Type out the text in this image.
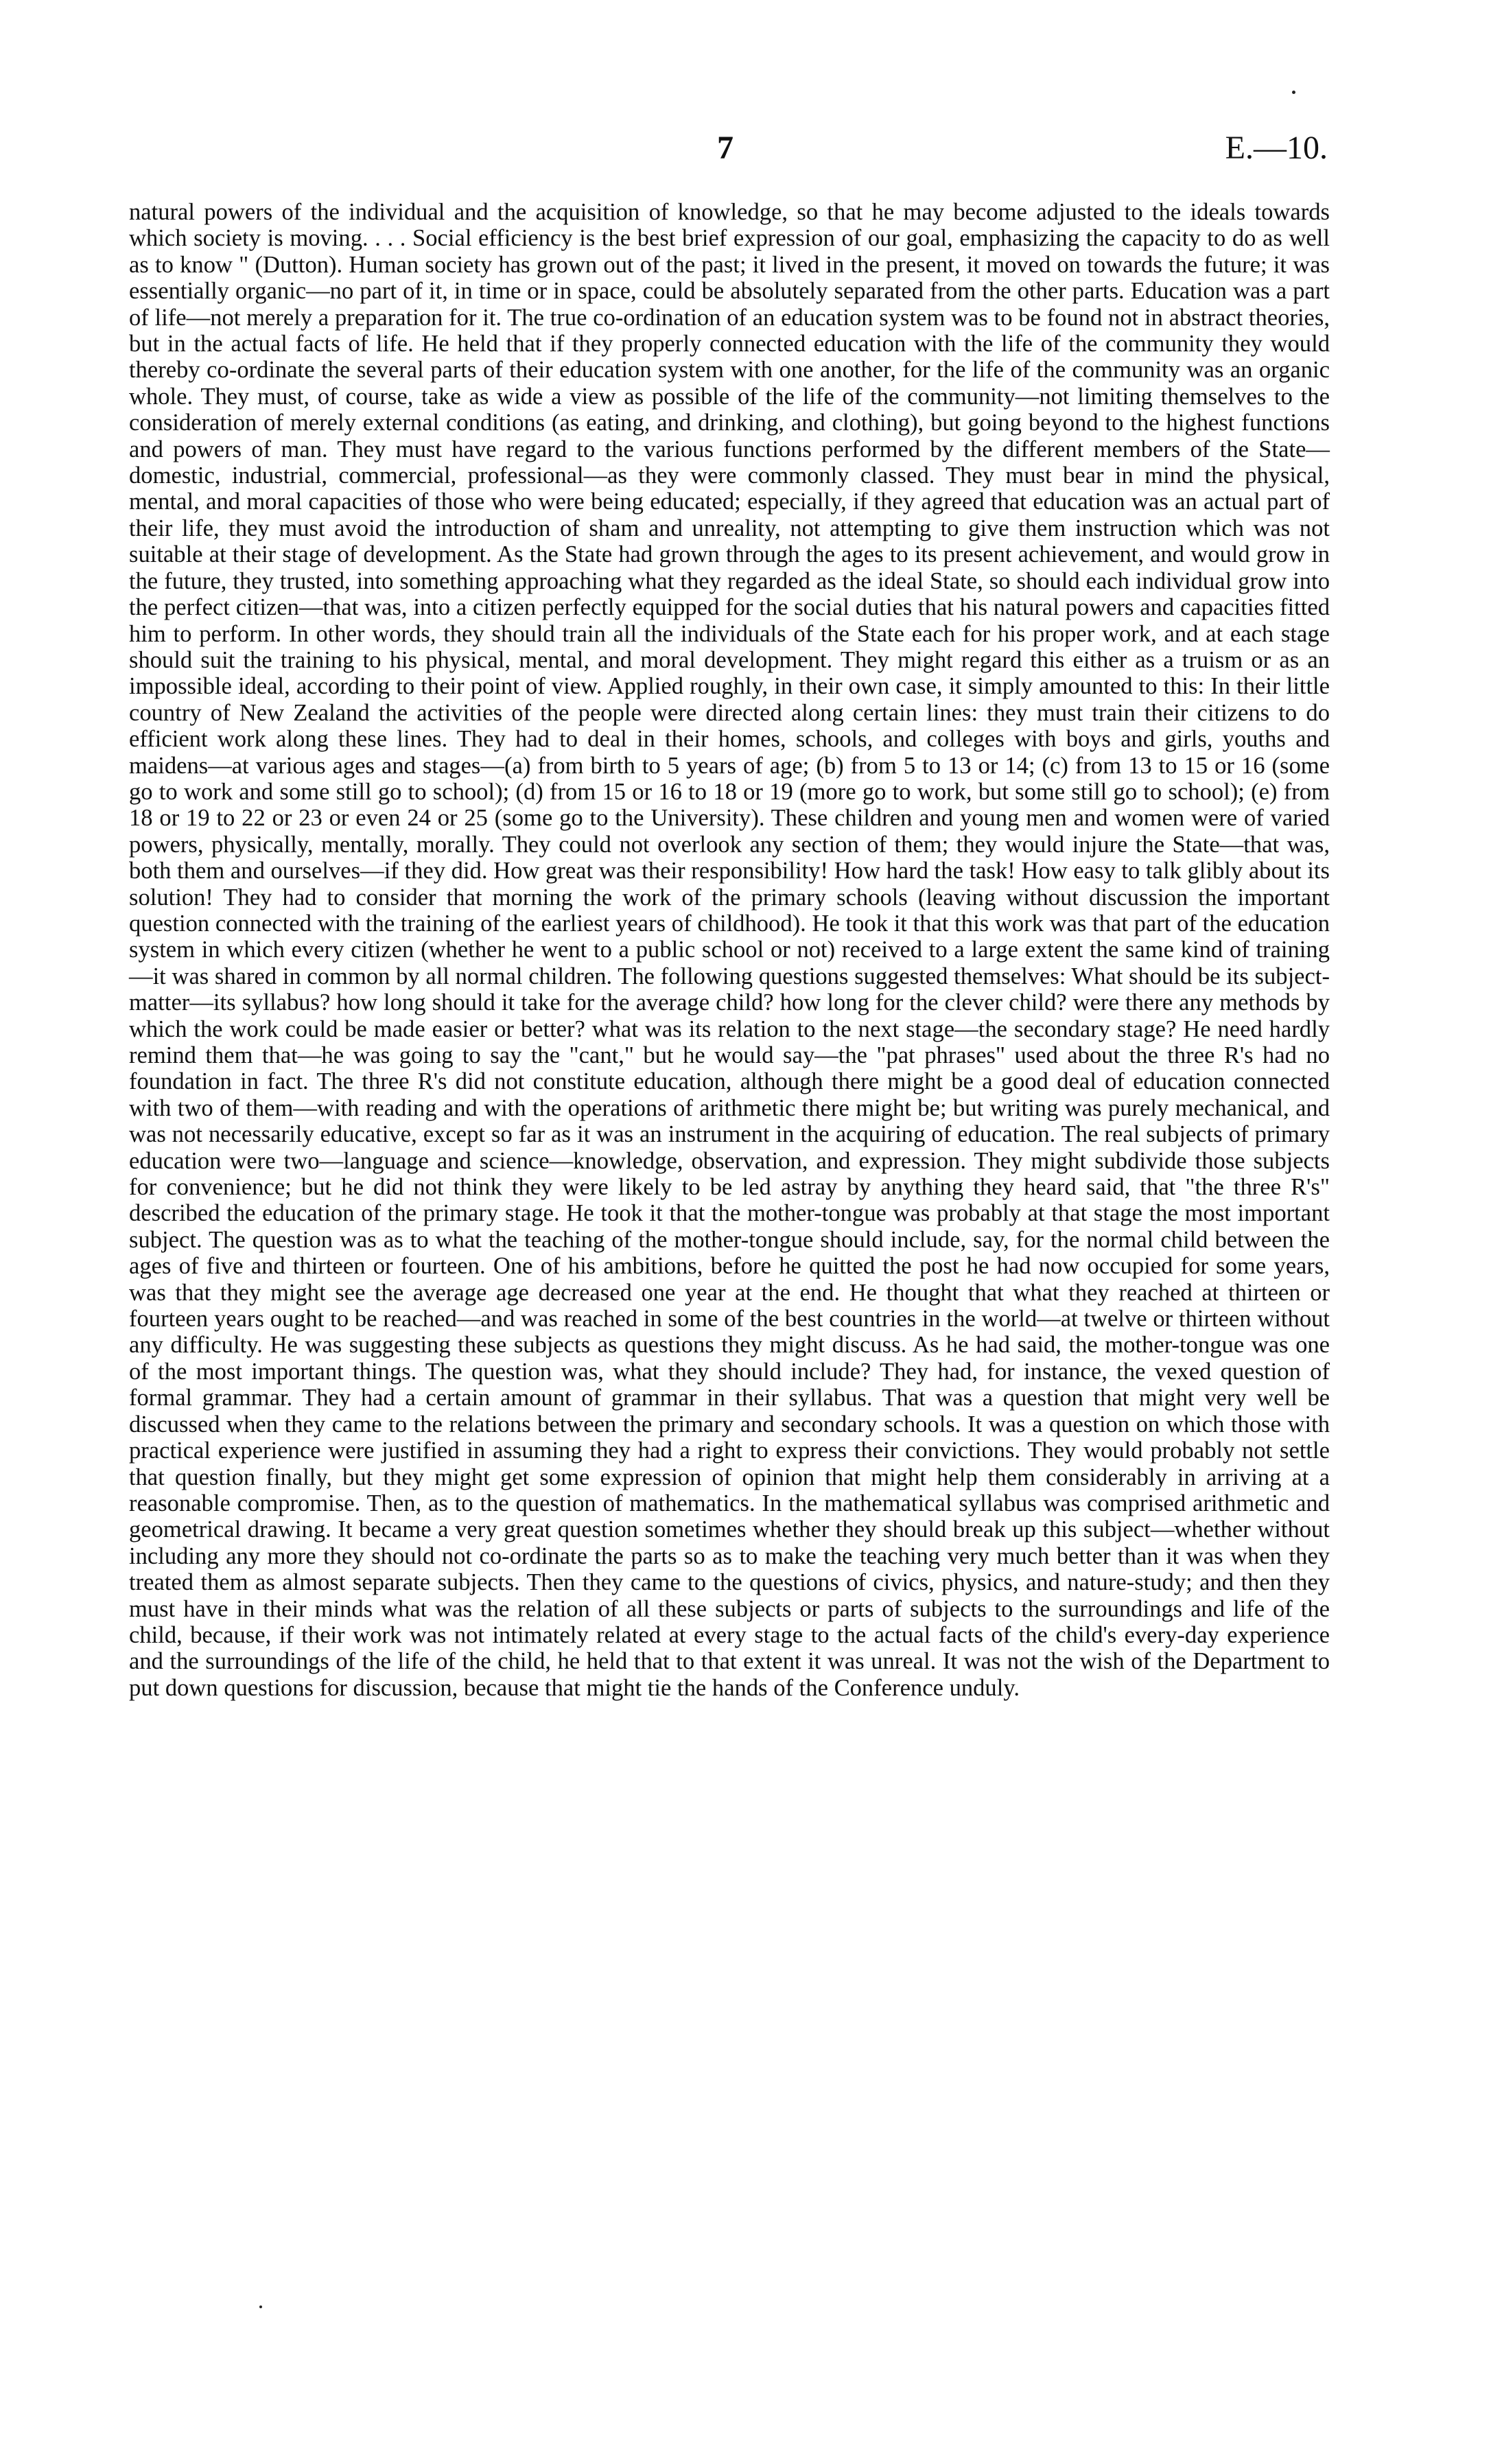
7	E.—10.

natural powers of the individual and the acquisition of knowledge, so that he may become adjusted to the ideals towards which society is moving. . . . Social efficiency is the best brief expression of our goal, emphasizing the capacity to do as well as to know " (Dutton). Human society has grown out of the past; it lived in the present, it moved on towards the future; it was essentially organic—no part of it, in time or in space, could be absolutely separated from the other parts. Education was a part of life—not merely a preparation for it. The true co-ordination of an education system was to be found not in abstract theories, but in the actual facts of life. He held that if they properly connected education with the life of the community they would thereby co-ordinate the several parts of their education system with one another, for the life of the community was an organic whole. They must, of course, take as wide a view as possible of the life of the community—not limiting themselves to the consideration of merely external conditions (as eating, and drinking, and clothing), but going beyond to the highest functions and powers of man. They must have regard to the various functions performed by the different members of the State—domestic, industrial, commercial, professional—as they were commonly classed. They must bear in mind the physical, mental, and moral capacities of those who were being educated; especially, if they agreed that education was an actual part of their life, they must avoid the introduction of sham and unreality, not attempting to give them instruction which was not suitable at their stage of development. As the State had grown through the ages to its present achievement, and would grow in the future, they trusted, into something approaching what they regarded as the ideal State, so should each individual grow into the perfect citizen—that was, into a citizen perfectly equipped for the social duties that his natural powers and capacities fitted him to perform. In other words, they should train all the individuals of the State each for his proper work, and at each stage should suit the training to his physical, mental, and moral development. They might regard this either as a truism or as an impossible ideal, according to their point of view. Applied roughly, in their own case, it simply amounted to this: In their little country of New Zealand the activities of the people were directed along certain lines: they must train their citizens to do efficient work along these lines. They had to deal in their homes, schools, and colleges with boys and girls, youths and maidens—at various ages and stages—(a) from birth to 5 years of age; (b) from 5 to 13 or 14; (c) from 13 to 15 or 16 (some go to work and some still go to school); (d) from 15 or 16 to 18 or 19 (more go to work, but some still go to school); (e) from 18 or 19 to 22 or 23 or even 24 or 25 (some go to the University). These children and young men and women were of varied powers, physically, mentally, morally. They could not overlook any section of them; they would injure the State—that was, both them and ourselves—if they did. How great was their responsibility! How hard the task! How easy to talk glibly about its solution! They had to consider that morning the work of the primary schools (leaving without discussion the important question connected with the training of the earliest years of childhood). He took it that this work was that part of the education system in which every citizen (whether he went to a public school or not) received to a large extent the same kind of training—it was shared in common by all normal children. The following questions suggested themselves: What should be its subject-matter—its syllabus? how long should it take for the average child? how long for the clever child? were there any methods by which the work could be made easier or better? what was its relation to the next stage—the secondary stage? He need hardly remind them that—he was going to say the "cant," but he would say—the "pat phrases" used about the three R's had no foundation in fact. The three R's did not constitute education, although there might be a good deal of education connected with two of them—with reading and with the operations of arithmetic there might be; but writing was purely mechanical, and was not necessarily educative, except so far as it was an instrument in the acquiring of education. The real subjects of primary education were two—language and science—knowledge, observation, and expression. They might subdivide those subjects for convenience; but he did not think they were likely to be led astray by anything they heard said, that "the three R's" described the education of the primary stage. He took it that the mother-tongue was probably at that stage the most important subject. The question was as to what the teaching of the mother-tongue should include, say, for the normal child between the ages of five and thirteen or fourteen. One of his ambitions, before he quitted the post he had now occupied for some years, was that they might see the average age decreased one year at the end. He thought that what they reached at thirteen or fourteen years ought to be reached—and was reached in some of the best countries in the world—at twelve or thirteen without any difficulty. He was suggesting these subjects as questions they might discuss. As he had said, the mother-tongue was one of the most important things. The question was, what they should include? They had, for instance, the vexed question of formal grammar. They had a certain amount of grammar in their syllabus. That was a question that might very well be discussed when they came to the relations between the primary and secondary schools. It was a question on which those with practical experience were justified in assuming they had a right to express their convictions. They would probably not settle that question finally, but they might get some expression of opinion that might help them considerably in arriving at a reasonable compromise. Then, as to the question of mathematics. In the mathematical syllabus was comprised arithmetic and geometrical drawing. It became a very great question sometimes whether they should break up this subject—whether without including any more they should not co-ordinate the parts so as to make the teaching very much better than it was when they treated them as almost separate subjects. Then they came to the questions of civics, physics, and nature-study; and then they must have in their minds what was the relation of all these subjects or parts of subjects to the surroundings and life of the child, because, if their work was not intimately related at every stage to the actual facts of the child's every-day experience and the surroundings of the life of the child, he held that to that extent it was unreal. It was not the wish of the Department to put down questions for discussion, because that might tie the hands of the Conference unduly.
